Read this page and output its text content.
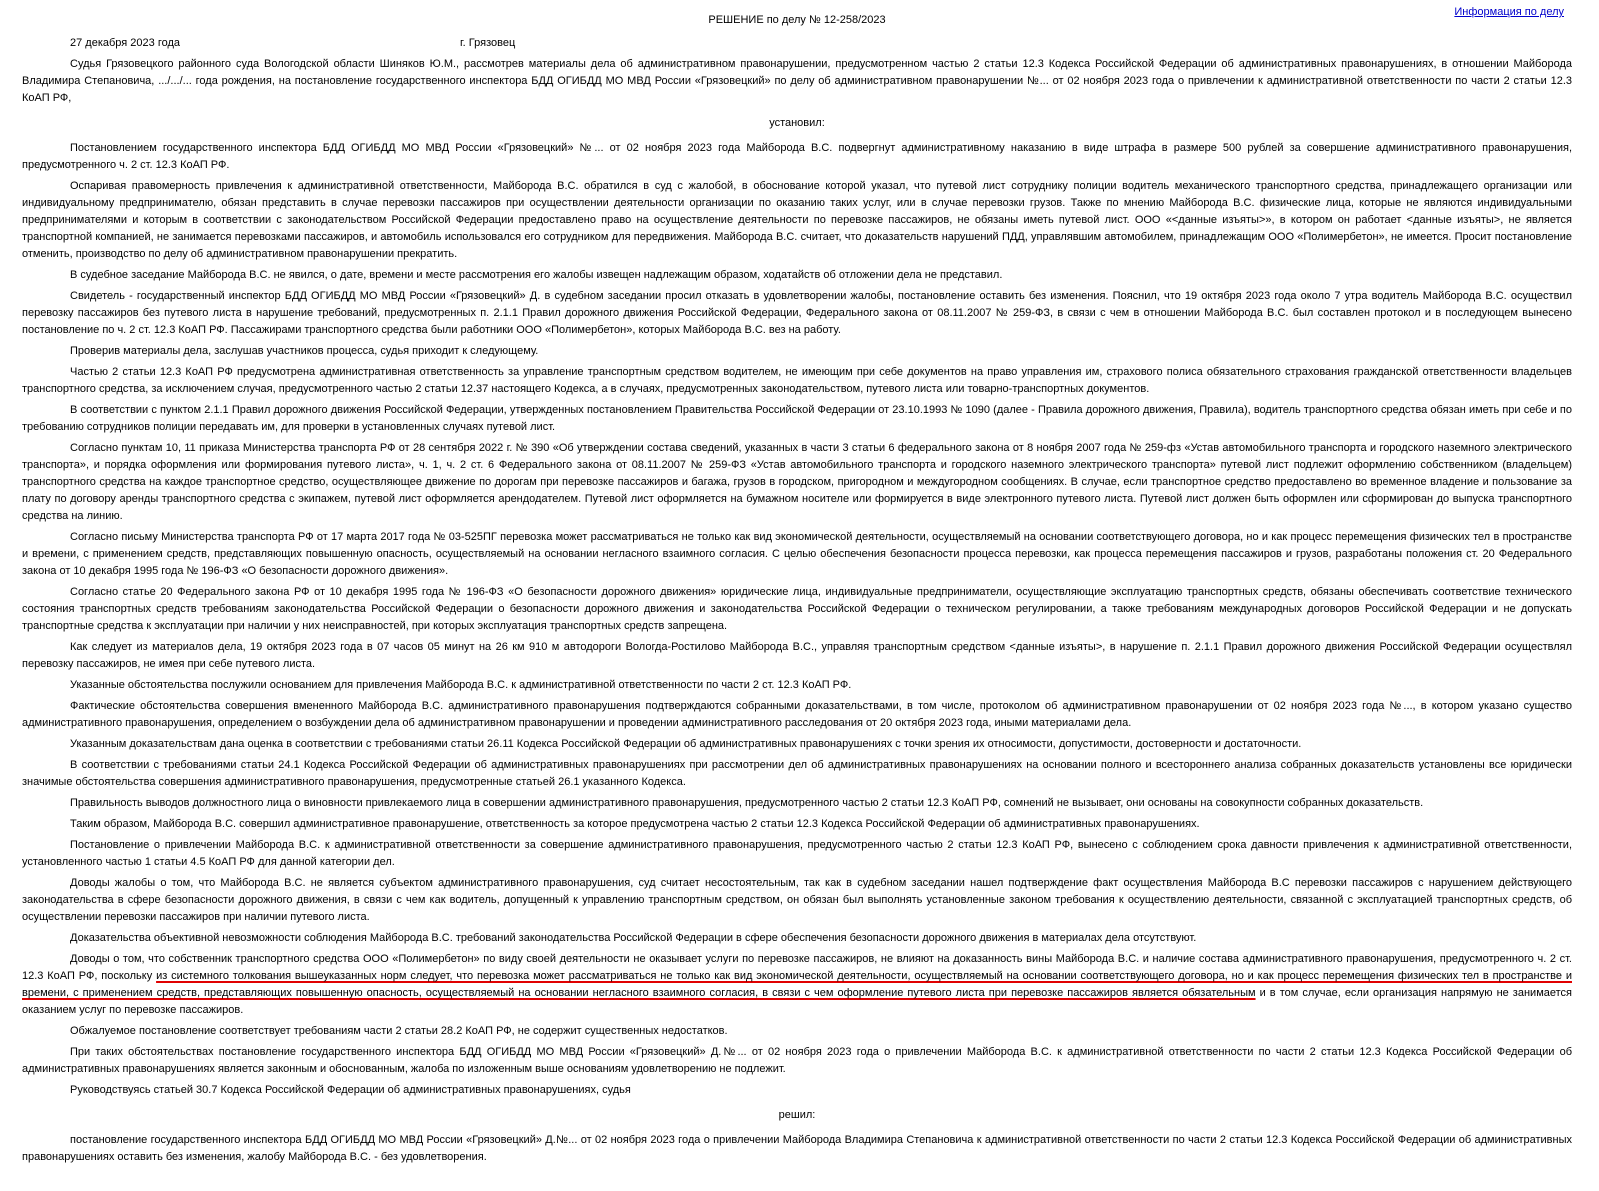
Информация по делу
РЕШЕНИЕ по делу № 12-258/2023
27 декабря 2023 года	г. Грязовец

Судья Грязовецкого районного суда Вологодской области Шиняков Ю.М., рассмотрев материалы дела об административном правонарушении, предусмотренном частью 2 статьи 12.3 Кодекса Российской Федерации об административных правонарушениях, в отношении Майборода Владимира Степановича, .../.../... года рождения, на постановление государственного инспектора БДД ОГИБДД МО МВД России «Грязовецкий» по делу об административном правонарушении №... от 02 ноября 2023 года о привлечении к административной ответственности по части 2 статьи 12.3 КоАП РФ,

установил:

Постановлением государственного инспектора БДД ОГИБДД МО МВД России «Грязовецкий» №... от 02 ноября 2023 года Майборода В.С. подвергнут административному наказанию в виде штрафа в размере 500 рублей за совершение административного правонарушения, предусмотренного ч. 2 ст. 12.3 КоАП РФ.

Оспаривая правомерность привлечения к административной ответственности, Майборода В.С. обратился в суд с жалобой, в обоснование которой указал, что путевой лист сотруднику полиции водитель механического транспортного средства, принадлежащего организации или индивидуальному предпринимателю, обязан представить в случае перевозки пассажиров при осуществлении деятельности организации по оказанию таких услуг, или в случае перевозки грузов. Также по мнению Майборода В.С. физические лица, которые не являются индивидуальными предпринимателями и которым в соответствии с законодательством Российской Федерации предоставлено право на осуществление деятельности по перевозке пассажиров, не обязаны иметь путевой лист. ООО «<данные изъяты>», в котором он работает <данные изъяты>, не является транспортной компанией, не занимается перевозками пассажиров, и автомобиль использовался его сотрудником для передвижения. Майборода В.С. считает, что доказательств нарушений ПДД, управлявшим автомобилем, принадлежащим ООО «Полимербетон», не имеется. Просит постановление отменить, производство по делу об административном правонарушении прекратить.

В судебное заседание Майборода В.С. не явился, о дате, времени и месте рассмотрения его жалобы извещен надлежащим образом, ходатайств об отложении дела не представил.

Свидетель - государственный инспектор БДД ОГИБДД МО МВД России «Грязовецкий» Д. в судебном заседании просил отказать в удовлетворении жалобы, постановление оставить без изменения. Пояснил, что 19 октября 2023 года около 7 утра водитель Майборода В.С. осуществил перевозку пассажиров без путевого листа в нарушение требований, предусмотренных п. 2.1.1 Правил дорожного движения Российской Федерации, Федерального закона от 08.11.2007 № 259-ФЗ, в связи с чем в отношении Майборода В.С. был составлен протокол и в последующем вынесено постановление по ч. 2 ст. 12.3 КоАП РФ. Пассажирами транспортного средства были работники ООО «Полимербетон», которых Майборода В.С. вез на работу.

Проверив материалы дела, заслушав участников процесса, судья приходит к следующему.

Частью 2 статьи 12.3 КоАП РФ предусмотрена административная ответственность за управление транспортным средством водителем, не имеющим при себе документов на право управления им, страхового полиса обязательного страхования гражданской ответственности владельцев транспортного средства, за исключением случая, предусмотренного частью 2 статьи 12.37 настоящего Кодекса, а в случаях, предусмотренных законодательством, путевого листа или товарно-транспортных документов.

В соответствии с пунктом 2.1.1 Правил дорожного движения Российской Федерации, утвержденных постановлением Правительства Российской Федерации от 23.10.1993 № 1090 (далее - Правила дорожного движения, Правила), водитель транспортного средства обязан иметь при себе и по требованию сотрудников полиции передавать им, для проверки в установленных случаях путевой лист.

Согласно пунктам 10, 11 приказа Министерства транспорта РФ от 28 сентября 2022 г. № 390 «Об утверждении состава сведений, указанных в части 3 статьи 6 федерального закона от 8 ноября 2007 года № 259-фз «Устав автомобильного транспорта и городского наземного электрического транспорта», и порядка оформления или формирования путевого листа», ч. 1, ч. 2 ст. 6 Федерального закона от 08.11.2007 № 259-ФЗ «Устав автомобильного транспорта и городского наземного электрического транспорта» путевой лист подлежит оформлению собственником (владельцем) транспортного средства на каждое транспортное средство, осуществляющее движение по дорогам при перевозке пассажиров и багажа, грузов в городском, пригородном и междугородном сообщениях. В случае, если транспортное средство предоставлено во временное владение и пользование за плату по договору аренды транспортного средства с экипажем, путевой лист оформляется арендодателем. Путевой лист оформляется на бумажном носителе или формируется в виде электронного путевого листа. Путевой лист должен быть оформлен или сформирован до выпуска транспортного средства на линию.

Согласно письму Министерства транспорта РФ от 17 марта 2017 года № 03-525ПГ перевозка может рассматриваться не только как вид экономической деятельности, осуществляемый на основании соответствующего договора, но и как процесс перемещения физических тел в пространстве и времени, с применением средств, представляющих повышенную опасность, осуществляемый на основании негласного взаимного согласия. С целью обеспечения безопасности процесса перевозки, как процесса перемещения пассажиров и грузов, разработаны положения ст. 20 Федерального закона от 10 декабря 1995 года № 196-ФЗ «О безопасности дорожного движения».

Согласно статье 20 Федерального закона РФ от 10 декабря 1995 года № 196-ФЗ «О безопасности дорожного движения» юридические лица, индивидуальные предприниматели, осуществляющие эксплуатацию транспортных средств, обязаны обеспечивать соответствие технического состояния транспортных средств требованиям законодательства Российской Федерации о безопасности дорожного движения и законодательства Российской Федерации о техническом регулировании, а также требованиям международных договоров Российской Федерации и не допускать транспортные средства к эксплуатации при наличии у них неисправностей, при которых эксплуатация транспортных средств запрещена.

Как следует из материалов дела, 19 октября 2023 года в 07 часов 05 минут на 26 км 910 м автодороги Вологда-Ростилово Майборода В.С., управляя транспортным средством <данные изъяты>, в нарушение п. 2.1.1 Правил дорожного движения Российской Федерации осуществлял перевозку пассажиров, не имея при себе путевого листа.

Указанные обстоятельства послужили основанием для привлечения Майборода В.С. к административной ответственности по части 2 ст. 12.3 КоАП РФ.

Фактические обстоятельства совершения вмененного Майборода В.С. административного правонарушения подтверждаются собранными доказательствами, в том числе, протоколом об административном правонарушении от 02 ноября 2023 года №..., в котором указано существо административного правонарушения, определением о возбуждении дела об административном правонарушении и проведении административного расследования от 20 октября 2023 года, иными материалами дела.

Указанным доказательствам дана оценка в соответствии с требованиями статьи 26.11 Кодекса Российской Федерации об административных правонарушениях с точки зрения их относимости, допустимости, достоверности и достаточности.

В соответствии с требованиями статьи 24.1 Кодекса Российской Федерации об административных правонарушениях при рассмотрении дел об административных правонарушениях на основании полного и всестороннего анализа собранных доказательств установлены все юридически значимые обстоятельства совершения административного правонарушения, предусмотренные статьей 26.1 указанного Кодекса.

Правильность выводов должностного лица о виновности привлекаемого лица в совершении административного правонарушения, предусмотренного частью 2 статьи 12.3 КоАП РФ, сомнений не вызывает, они основаны на совокупности собранных доказательств.

Таким образом, Майборода В.С. совершил административное правонарушение, ответственность за которое предусмотрена частью 2 статьи 12.3 Кодекса Российской Федерации об административных правонарушениях.

Постановление о привлечении Майборода В.С. к административной ответственности за совершение административного правонарушения, предусмотренного частью 2 статьи 12.3 КоАП РФ, вынесено с соблюдением срока давности привлечения к административной ответственности, установленного частью 1 статьи 4.5 КоАП РФ для данной категории дел.

Доводы жалобы о том, что Майборода В.С. не является субъектом административного правонарушения, суд считает несостоятельным, так как в судебном заседании нашел подтверждение факт осуществления Майборода В.С перевозки пассажиров с нарушением действующего законодательства в сфере безопасности дорожного движения, в связи с чем как водитель, допущенный к управлению транспортным средством, он обязан был выполнять установленные законом требования к осуществлению деятельности, связанной с эксплуатацией транспортных средств, об осуществлении перевозки пассажиров при наличии путевого листа.

Доказательства объективной невозможности соблюдения Майборода В.С. требований законодательства Российской Федерации в сфере обеспечения безопасности дорожного движения в материалах дела отсутствуют.

Доводы о том, что собственник транспортного средства ООО «Полимербетон» по виду своей деятельности не оказывает услуги по перевозке пассажиров, не влияют на доказанность вины Майборода В.С. и наличие состава административного правонарушения, предусмотренного ч. 2 ст. 12.3 КоАП РФ, поскольку из системного толкования вышеуказанных норм следует, что перевозка может рассматриваться не только как вид экономической деятельности, осуществляемый на основании соответствующего договора, но и как процесс перемещения физических тел в пространстве и времени, с применением средств, представляющих повышенную опасность, осуществляемый на основании негласного взаимного согласия, в связи с чем оформление путевого листа при перевозке пассажиров является обязательным и в том случае, если организация напрямую не занимается оказанием услуг по перевозке пассажиров.

Обжалуемое постановление соответствует требованиям части 2 статьи 28.2 КоАП РФ, не содержит существенных недостатков.

При таких обстоятельствах постановление государственного инспектора БДД ОГИБДД МО МВД России «Грязовецкий» Д.№... от 02 ноября 2023 года о привлечении Майборода В.С. к административной ответственности по части 2 статьи 12.3 Кодекса Российской Федерации об административных правонарушениях является законным и обоснованным, жалоба по изложенным выше основаниям удовлетворению не подлежит.

Руководствуясь статьей 30.7 Кодекса Российской Федерации об административных правонарушениях, судья

решил:

постановление государственного инспектора БДД ОГИБДД МО МВД России «Грязовецкий» Д.№... от 02 ноября 2023 года о привлечении Майборода Владимира Степановича к административной ответственности по части 2 статьи 12.3 Кодекса Российской Федерации об административных правонарушениях оставить без изменения, жалобу Майборода В.С. - без удовлетворения.
